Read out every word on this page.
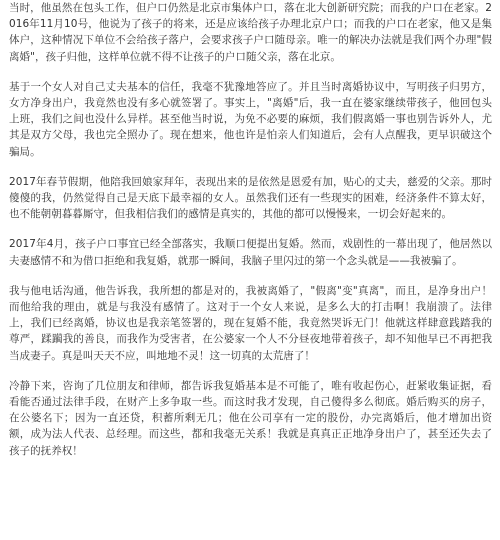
当时，他虽然在包头工作，但户口仍然是北京市集体户口，落在北大创新研究院；而我的户口在老家。2016年11月10号，他说为了孩子的将来，还是应该给孩子办理北京户口；而我的户口在老家，他又是集体户，这种情况下单位不会给孩子落户，会要求孩子户口随母亲。唯一的解决办法就是我们两个办理"假离婚"，孩子归他，这样单位就不得不让孩子的户口随父亲，落在北京。

基于一个女人对自己丈夫基本的信任，我毫不犹豫地答应了。并且当时离婚协议中，写明孩子归男方，女方净身出户，我竟然也没有多心就签署了。事实上，"离婚"后，我一直在婆家继续带孩子，他回包头上班，我们之间也没什么异样。甚至他当时说，为免不必要的麻烦，我们假离婚一事也别告诉外人，尤其是双方父母，我也完全照办了。现在想来，他也许是怕亲人们知道后，会有人点醒我，更早识破这个骗局。

2017年春节假期，他陪我回娘家拜年，表现出来的是依然是恩爱有加，贴心的丈夫，慈爱的父亲。那时傻傻的我，仍然觉得自己是天底下最幸福的女人。虽然我们还有一些现实的困难，经济条件不算太好，也不能朝朝暮暮厮守，但我相信我们的感情是真实的，其他的都可以慢慢来，一切会好起来的。

2017年4月，孩子户口事宜已经全部落实，我顺口便提出复婚。然而，戏剧性的一幕出现了，他居然以夫妻感情不和为借口拒绝和我复婚，就那一瞬间，我脑子里闪过的第一个念头就是——我被骗了。

我与他电话沟通，他告诉我，我所想的都是对的，我被离婚了，"假离"变"真离"，而且，是净身出户！而他给我的理由，就是与我没有感情了。这对于一个女人来说，是多么大的打击啊！我崩溃了。法律上，我们已经离婚，协议也是我亲笔签署的，现在复婚不能，我竟然哭诉无门！他就这样肆意践踏我的尊严，蹂躏我的善良，而我作为受害者，在公婆家一个人不分昼夜地带着孩子，却不知他早已不再把我当成妻子。真是叫天天不应，叫地地不灵！这一切真的太荒唐了！

冷静下来，咨询了几位朋友和律师，都告诉我复婚基本是不可能了，唯有收起伤心，赶紧收集证据，看看能否通过法律手段，在财产上多争取一些。而这时我才发现，自己傻得多么彻底。婚后购买的房子，在公婆名下；因为一直还贷，积蓄所剩无几；他在公司享有一定的股份，办完离婚后，他才增加出资额，成为法人代表、总经理。而这些，都和我毫无关系！我就是真真正正地净身出户了，甚至还失去了孩子的抚养权！
